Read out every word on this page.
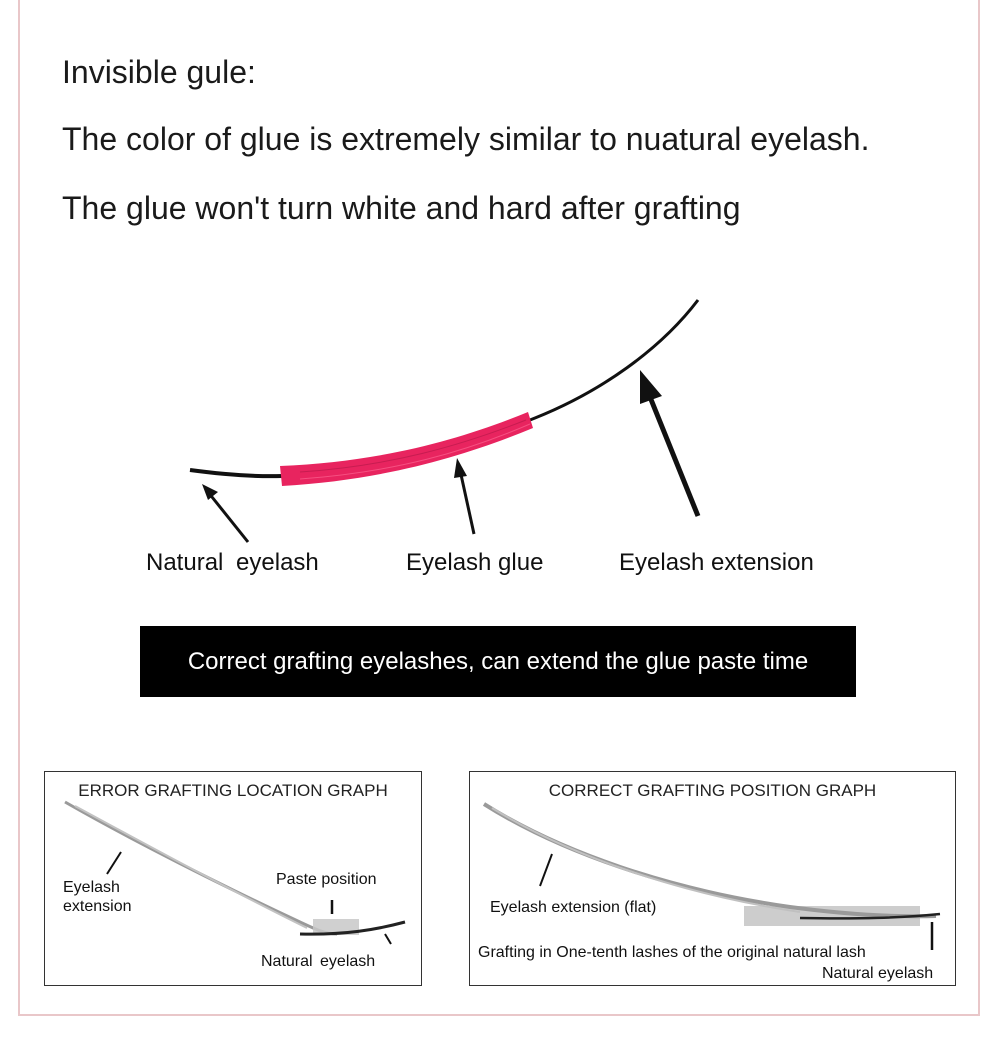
Invisible gule:
The color of glue is extremely similar to nuatural eyelash.
The glue won't turn white and hard after grafting
Natural eyelash	Eyelash glue	Eyelash extension
Correct grafting eyelashes, can extend the glue paste time
ERROR GRAFTING LOCATION GRAPH
Eyelash
extension
Paste position
Natural eyelash
CORRECT GRAFTING POSITION GRAPH
Eyelash extension (flat)
Grafting in One-tenth lashes of the original natural lash
Natural eyelash
